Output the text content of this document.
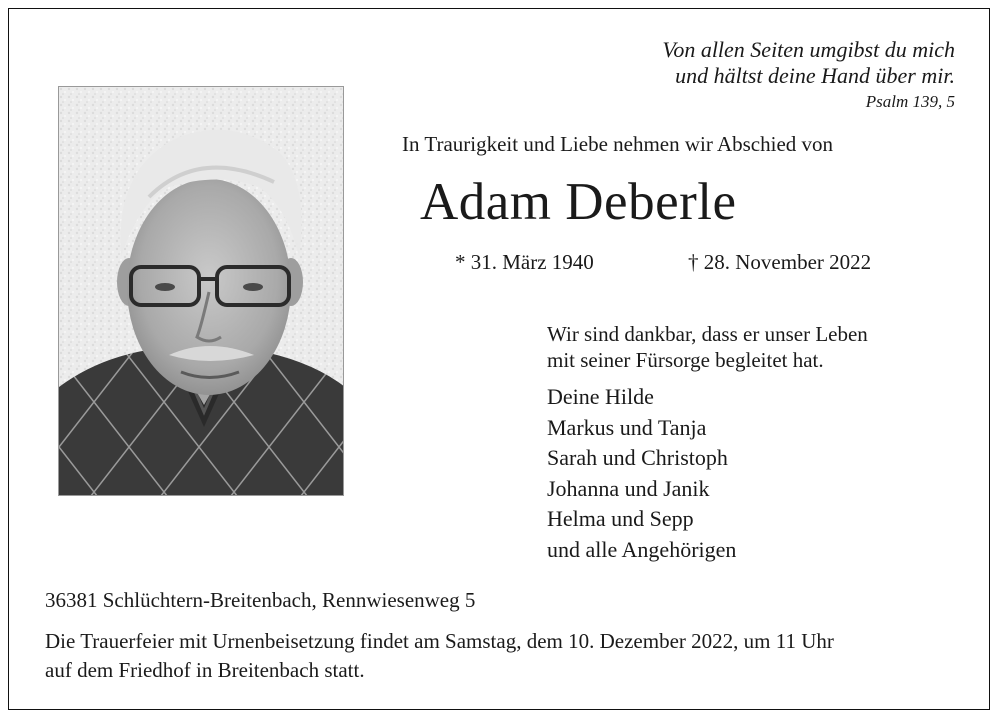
Von allen Seiten umgibst du mich
und hältst deine Hand über mir.
Psalm 139, 5
In Traurigkeit und Liebe nehmen wir Abschied von
Adam Deberle
* 31. März 1940	† 28. November 2022
Wir sind dankbar, dass er unser Leben
mit seiner Fürsorge begleitet hat.
Deine Hilde
Markus und Tanja
Sarah und Christoph
Johanna und Janik
Helma und Sepp
und alle Angehörigen
36381 Schlüchtern-Breitenbach, Rennwiesenweg 5
Die Trauerfeier mit Urnenbeisetzung findet am Samstag, dem 10. Dezember 2022, um 11 Uhr
auf dem Friedhof in Breitenbach statt.
